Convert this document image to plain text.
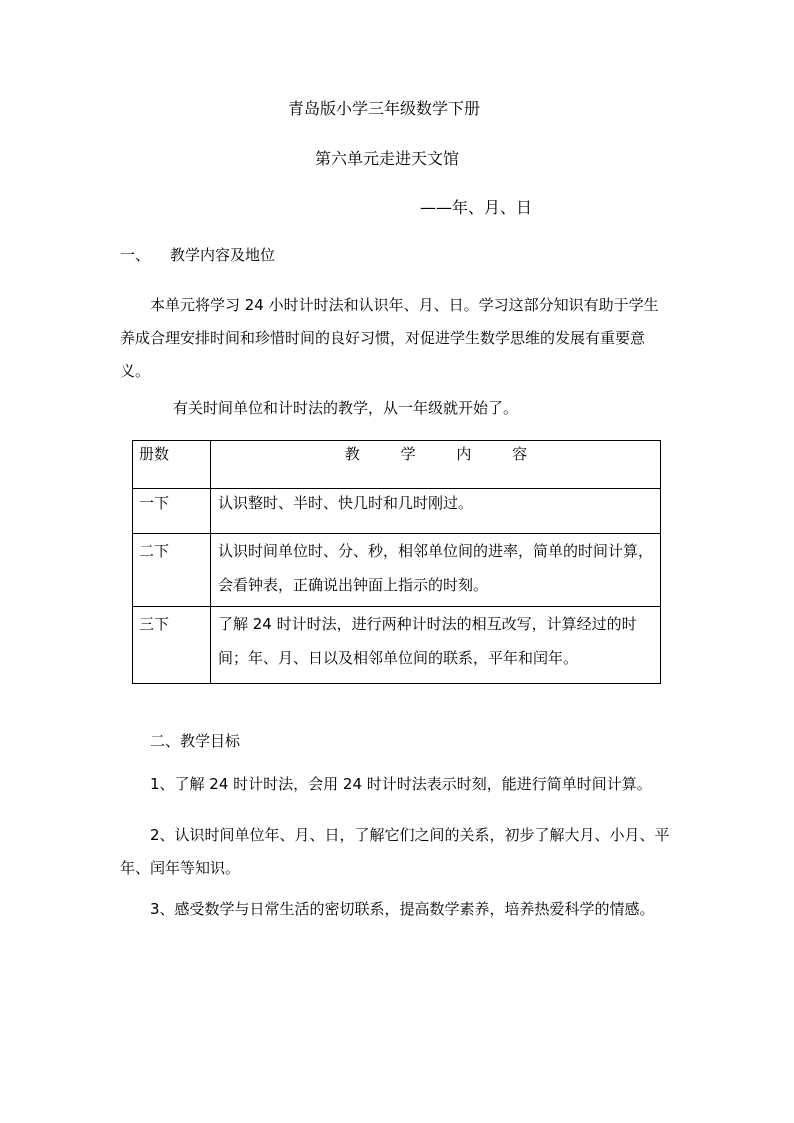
青岛版小学三年级数学下册
第六单元走进天文馆
——年、月、日
一、 教学内容及地位
本单元将学习 24 小时计时法和认识年、月、日。学习这部分知识有助于学生养成合理安排时间和珍惜时间的良好习惯，对促进学生数学思维的发展有重要意义。
有关时间单位和计时法的教学，从一年级就开始了。
册数	教 学 内 容

一下	认识整时、半时、快几时和几时刚过。
二下	认识时间单位时、分、秒，相邻单位间的进率，简单的时间计算，会看钟表，正确说出钟面上指示的时刻。
三下	了解 24 时计时法，进行两种计时法的相互改写，计算经过的时间；年、月、日以及相邻单位间的联系，平年和闰年。
二、教学目标
1、了解 24 时计时法，会用 24 时计时法表示时刻，能进行简单时间计算。
2、认识时间单位年、月、日，了解它们之间的关系，初步了解大月、小月、平年、闰年等知识。
3、感受数学与日常生活的密切联系，提高数学素养，培养热爱科学的情感。
